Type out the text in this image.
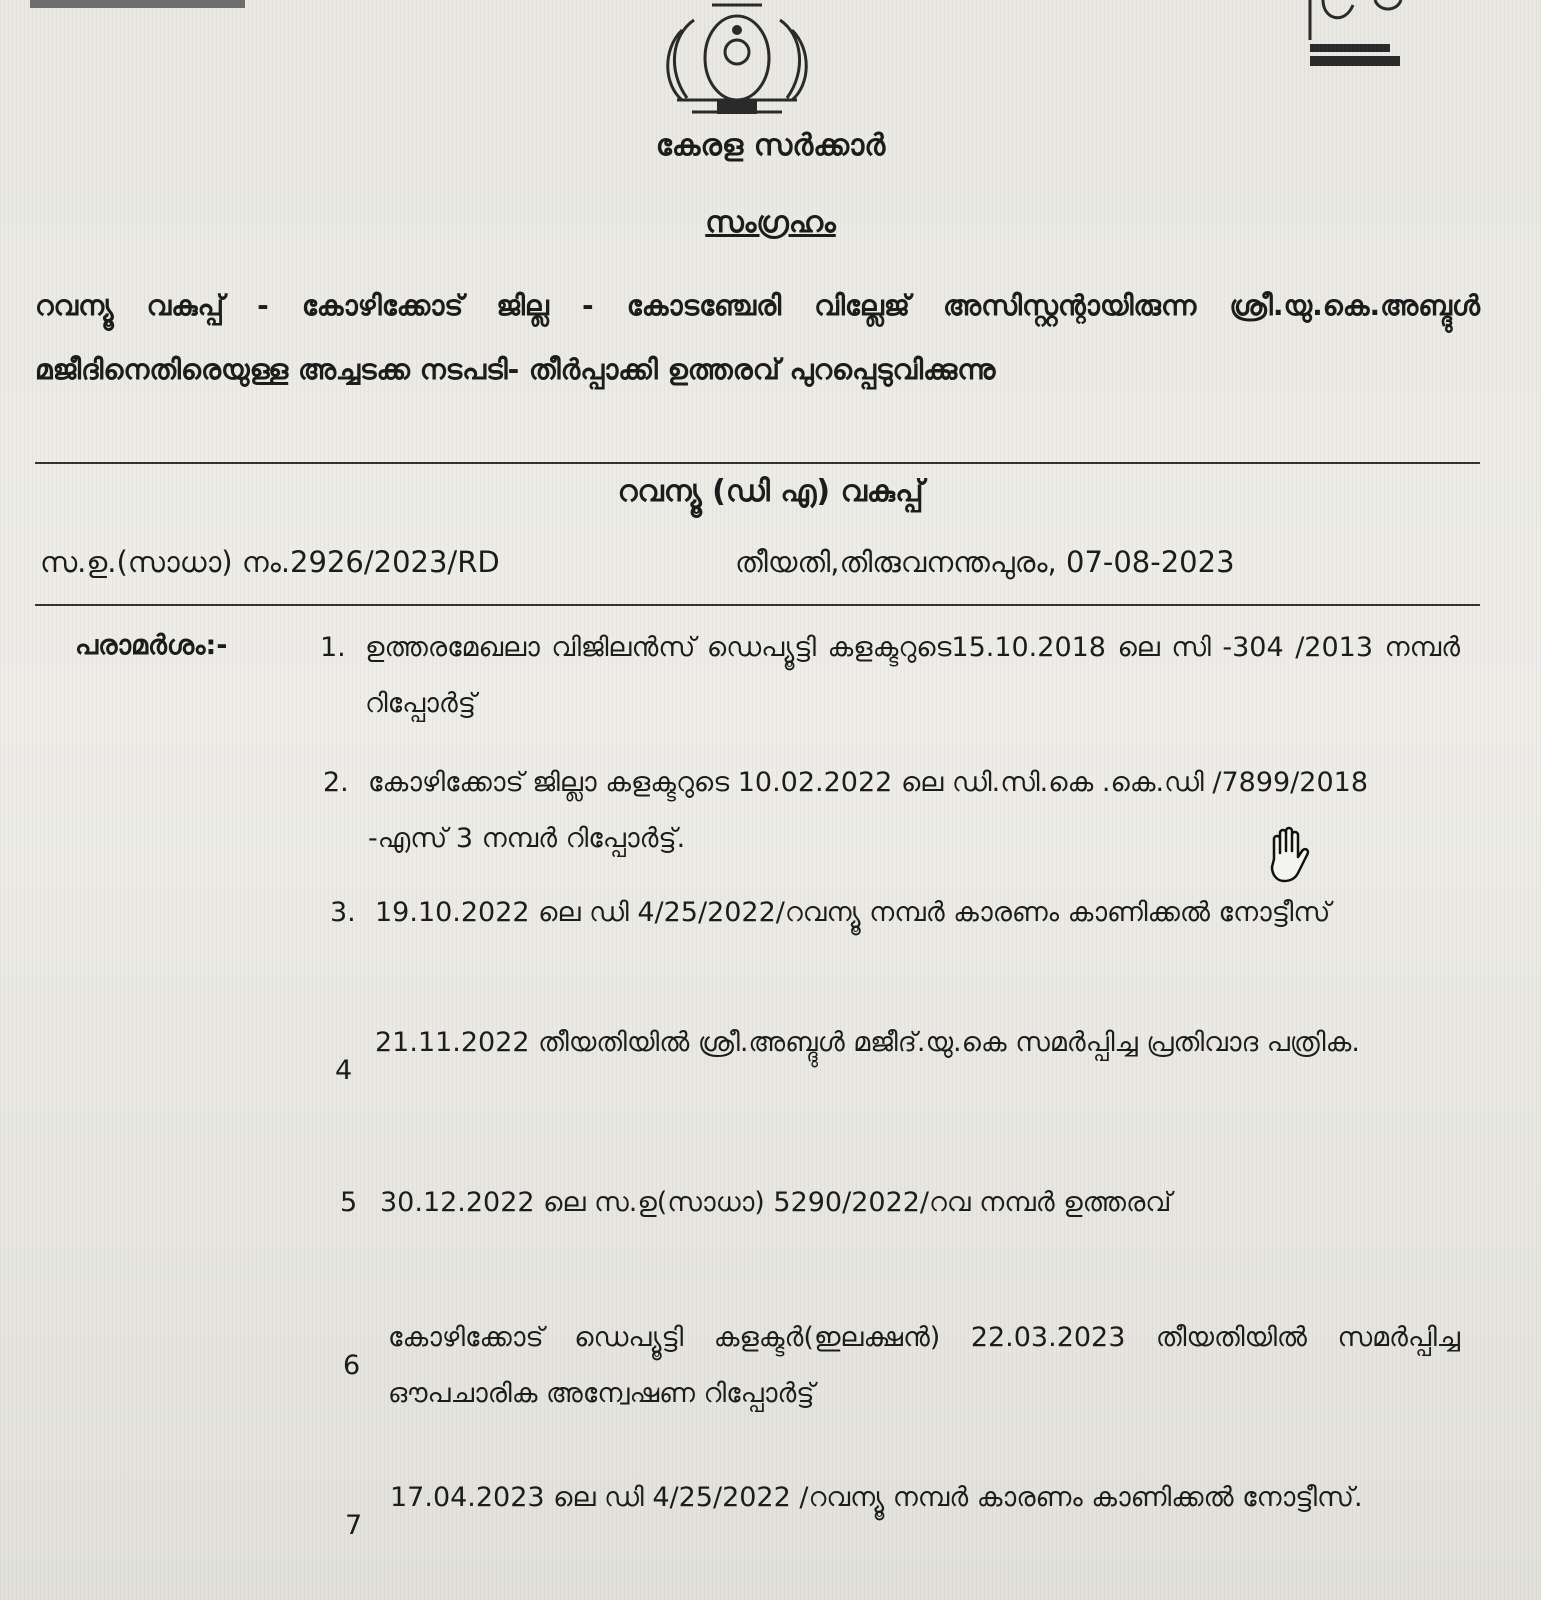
കേരള സർക്കാർ
സംഗ്രഹം
റവന്യൂ വകുപ്പ് - കോഴിക്കോട് ജില്ല - കോടഞ്ചേരി വില്ലേജ് അസിസ്റ്റന്റായിരുന്ന ശ്രീ.യു.കെ.അബ്ദുൾ മജീദിനെതിരെയുള്ള അച്ചടക്ക നടപടി- തീർപ്പാക്കി ഉത്തരവ് പുറപ്പെടുവിക്കുന്നു
റവന്യൂ (ഡി എ) വകുപ്പ്
സ.ഉ.(സാധാ) നം.2926/2023/RD	തീയതി,തിരുവനന്തപുരം, 07-08-2023
പരാമർശം:-	1. ഉത്തരമേഖലാ വിജിലൻസ് ഡെപ്യൂട്ടി കളക്ടറുടെ15.10.2018 ലെ സി -304 /2013 നമ്പർ റിപ്പോർട്ട്
2. കോഴിക്കോട് ജില്ലാ കളക്ടറുടെ 10.02.2022 ലെ ഡി.സി.കെ .കെ.ഡി /7899/2018 -എസ് 3 നമ്പർ റിപ്പോർട്ട്.
3. 19.10.2022 ലെ ഡി 4/25/2022/റവന്യൂ നമ്പർ കാരണം കാണിക്കൽ നോട്ടീസ്
4
21.11.2022 തീയതിയിൽ ശ്രീ.അബ്ദുൾ മജീദ്.യു.കെ സമർപ്പിച്ച പ്രതിവാദ പത്രിക.
5 30.12.2022 ലെ സ.ഉ(സാധാ) 5290/2022/റവ നമ്പർ ഉത്തരവ്
6
കോഴിക്കോട് ഡെപ്യൂട്ടി കളക്ടർ(ഇലക്ഷൻ) 22.03.2023 തീയതിയിൽ സമർപ്പിച്ച ഔപചാരിക അന്വേഷണ റിപ്പോർട്ട്
7
17.04.2023 ലെ ഡി 4/25/2022 /റവന്യൂ നമ്പർ കാരണം കാണിക്കൽ നോട്ടീസ്.
